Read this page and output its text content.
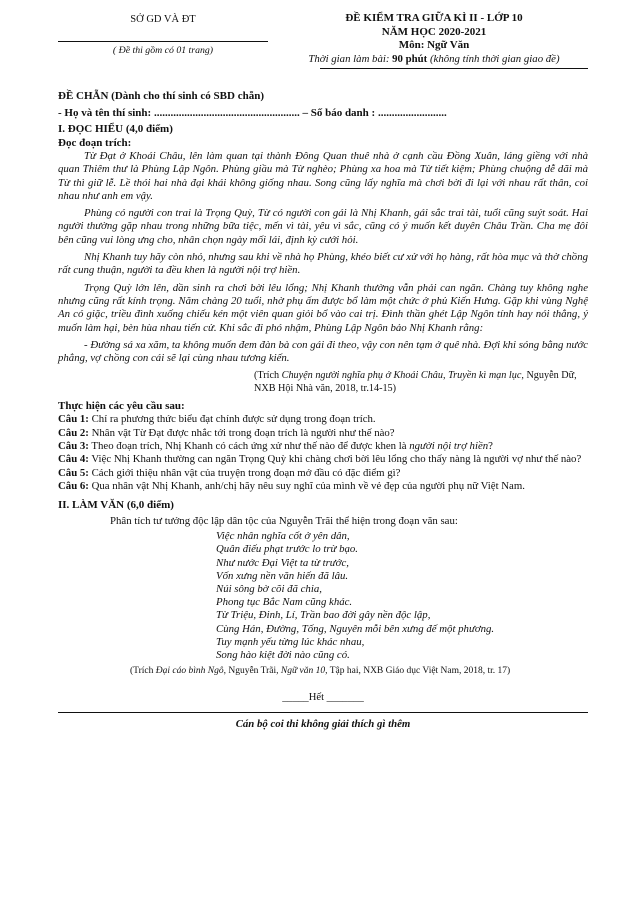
SỞ GD VÀ ĐT
( Đề thi gồm có 01 trang)
ĐỀ KIỂM TRA GIỮA KÌ II - LỚP 10
NĂM HỌC 2020-2021
Môn: Ngữ Văn
Thời gian làm bài: 90 phút (không tính thời gian giao đề)
ĐỀ CHẴN (Dành cho thí sinh có SBD chẵn)
- Họ và tên thí sinh: ..................................................... – Số báo danh : .........................
I. ĐỌC HIỂU (4,0 điểm)
Đọc đoạn trích:

Từ Đạt ở Khoái Châu, lên làm quan tại thành Đông Quan thuê nhà ở cạnh cầu Đồng Xuân, láng giềng với nhà quan Thiêm thư là Phùng Lập Ngôn. Phùng giầu mà Từ nghèo; Phùng xa hoa mà Từ tiết kiệm; Phùng chuộng dễ dãi mà Từ thì giữ lễ. Lề thói hai nhà đại khái không giống nhau. Song cũng lấy nghĩa mà chơi bời đi lại với nhau rất thân, coi nhau như anh em vậy.

Phùng có người con trai là Trọng Quỳ, Từ có người con gái là Nhị Khanh, gái sắc trai tài, tuổi cũng suýt soát. Hai người thường gặp nhau trong những bữa tiệc, mến vì tài, yêu vì sắc, cũng có ý muốn kết duyên Châu Trần. Cha mẹ đôi bên cũng vui lòng ưng cho, nhân chọn ngày mối lái, định kỳ cưới hỏi.

Nhị Khanh tuy hãy còn nhỏ, nhưng sau khi về nhà họ Phùng, khéo biết cư xử với họ hàng, rất hòa mục và thờ chồng rất cung thuận, người ta đều khen là người nội trợ hiền.

Trọng Quỳ lớn lên, dần sinh ra chơi bời lêu lổng; Nhị Khanh thường vẫn phải can ngăn. Chàng tuy không nghe nhưng cũng rất kính trọng. Năm chàng 20 tuổi, nhờ phụ ấm được bổ làm một chức ở phủ Kiến Hưng. Gặp khi vùng Nghệ An có giặc, triều đình xuống chiếu kén một viên quan giỏi bổ vào cai trị. Đình thần ghét Lập Ngôn tính hay nói thẳng, ý muốn làm hại, bèn hùa nhau tiến cử. Khi sắc đi phó nhậm, Phùng Lập Ngôn bảo Nhị Khanh rằng:

- Đường sá xa xăm, ta không muốn đem đàn bà con gái đi theo, vậy con nên tạm ở quê nhà. Đợi khi sóng bằng nước phẳng, vợ chồng con cái sẽ lại cùng nhau tương kiến.

(Trích Chuyện người nghĩa phụ ở Khoái Châu, Truyền kì mạn lục, Nguyễn Dữ, NXB Hội Nhà văn, 2018, tr.14-15)
Thực hiện các yêu cầu sau:

Câu 1: Chỉ ra phương thức biểu đạt chính được sử dụng trong đoạn trích.

Câu 2: Nhân vật Từ Đạt được nhắc tới trong đoạn trích là người như thế nào?

Câu 3: Theo đoạn trích, Nhị Khanh có cách ứng xử như thế nào để được khen là người nội trợ hiền?

Câu 4: Việc Nhị Khanh thường can ngăn Trọng Quỳ khi chàng chơi bời lêu lổng cho thấy nàng là người vợ như thế nào?

Câu 5: Cách giới thiệu nhân vật của truyện trong đoạn mở đầu có đặc điểm gì?

Câu 6: Qua nhân vật Nhị Khanh, anh/chị hãy nêu suy nghĩ của mình về vẻ đẹp của người phụ nữ Việt Nam.

II. LÀM VĂN (6,0 điểm)
Phân tích tư tưởng độc lập dân tộc của Nguyễn Trãi thể hiện trong đoạn văn sau:
Việc nhân nghĩa cốt ở yên dân,
Quân điếu phạt trước lo trừ bạo.
Như nước Đại Việt ta từ trước,
Vốn xưng nền văn hiến đã lâu.
Núi sông bờ cõi đã chia,
Phong tục Bắc Nam cũng khác.
Từ Triệu, Đinh, Lí, Trần bao đời gây nền độc lập,
Cùng Hán, Đường, Tống, Nguyên mỗi bên xưng đế một phương.
Tuy mạnh yếu từng lúc khác nhau,
Song hào kiệt đời nào cũng có.
(Trích Đại cáo bình Ngô, Nguyễn Trãi, Ngữ văn 10, Tập hai, NXB Giáo dục Việt Nam, 2018, tr. 17)
_____Hết _______
Cán bộ coi thi không giải thích gì thêm
